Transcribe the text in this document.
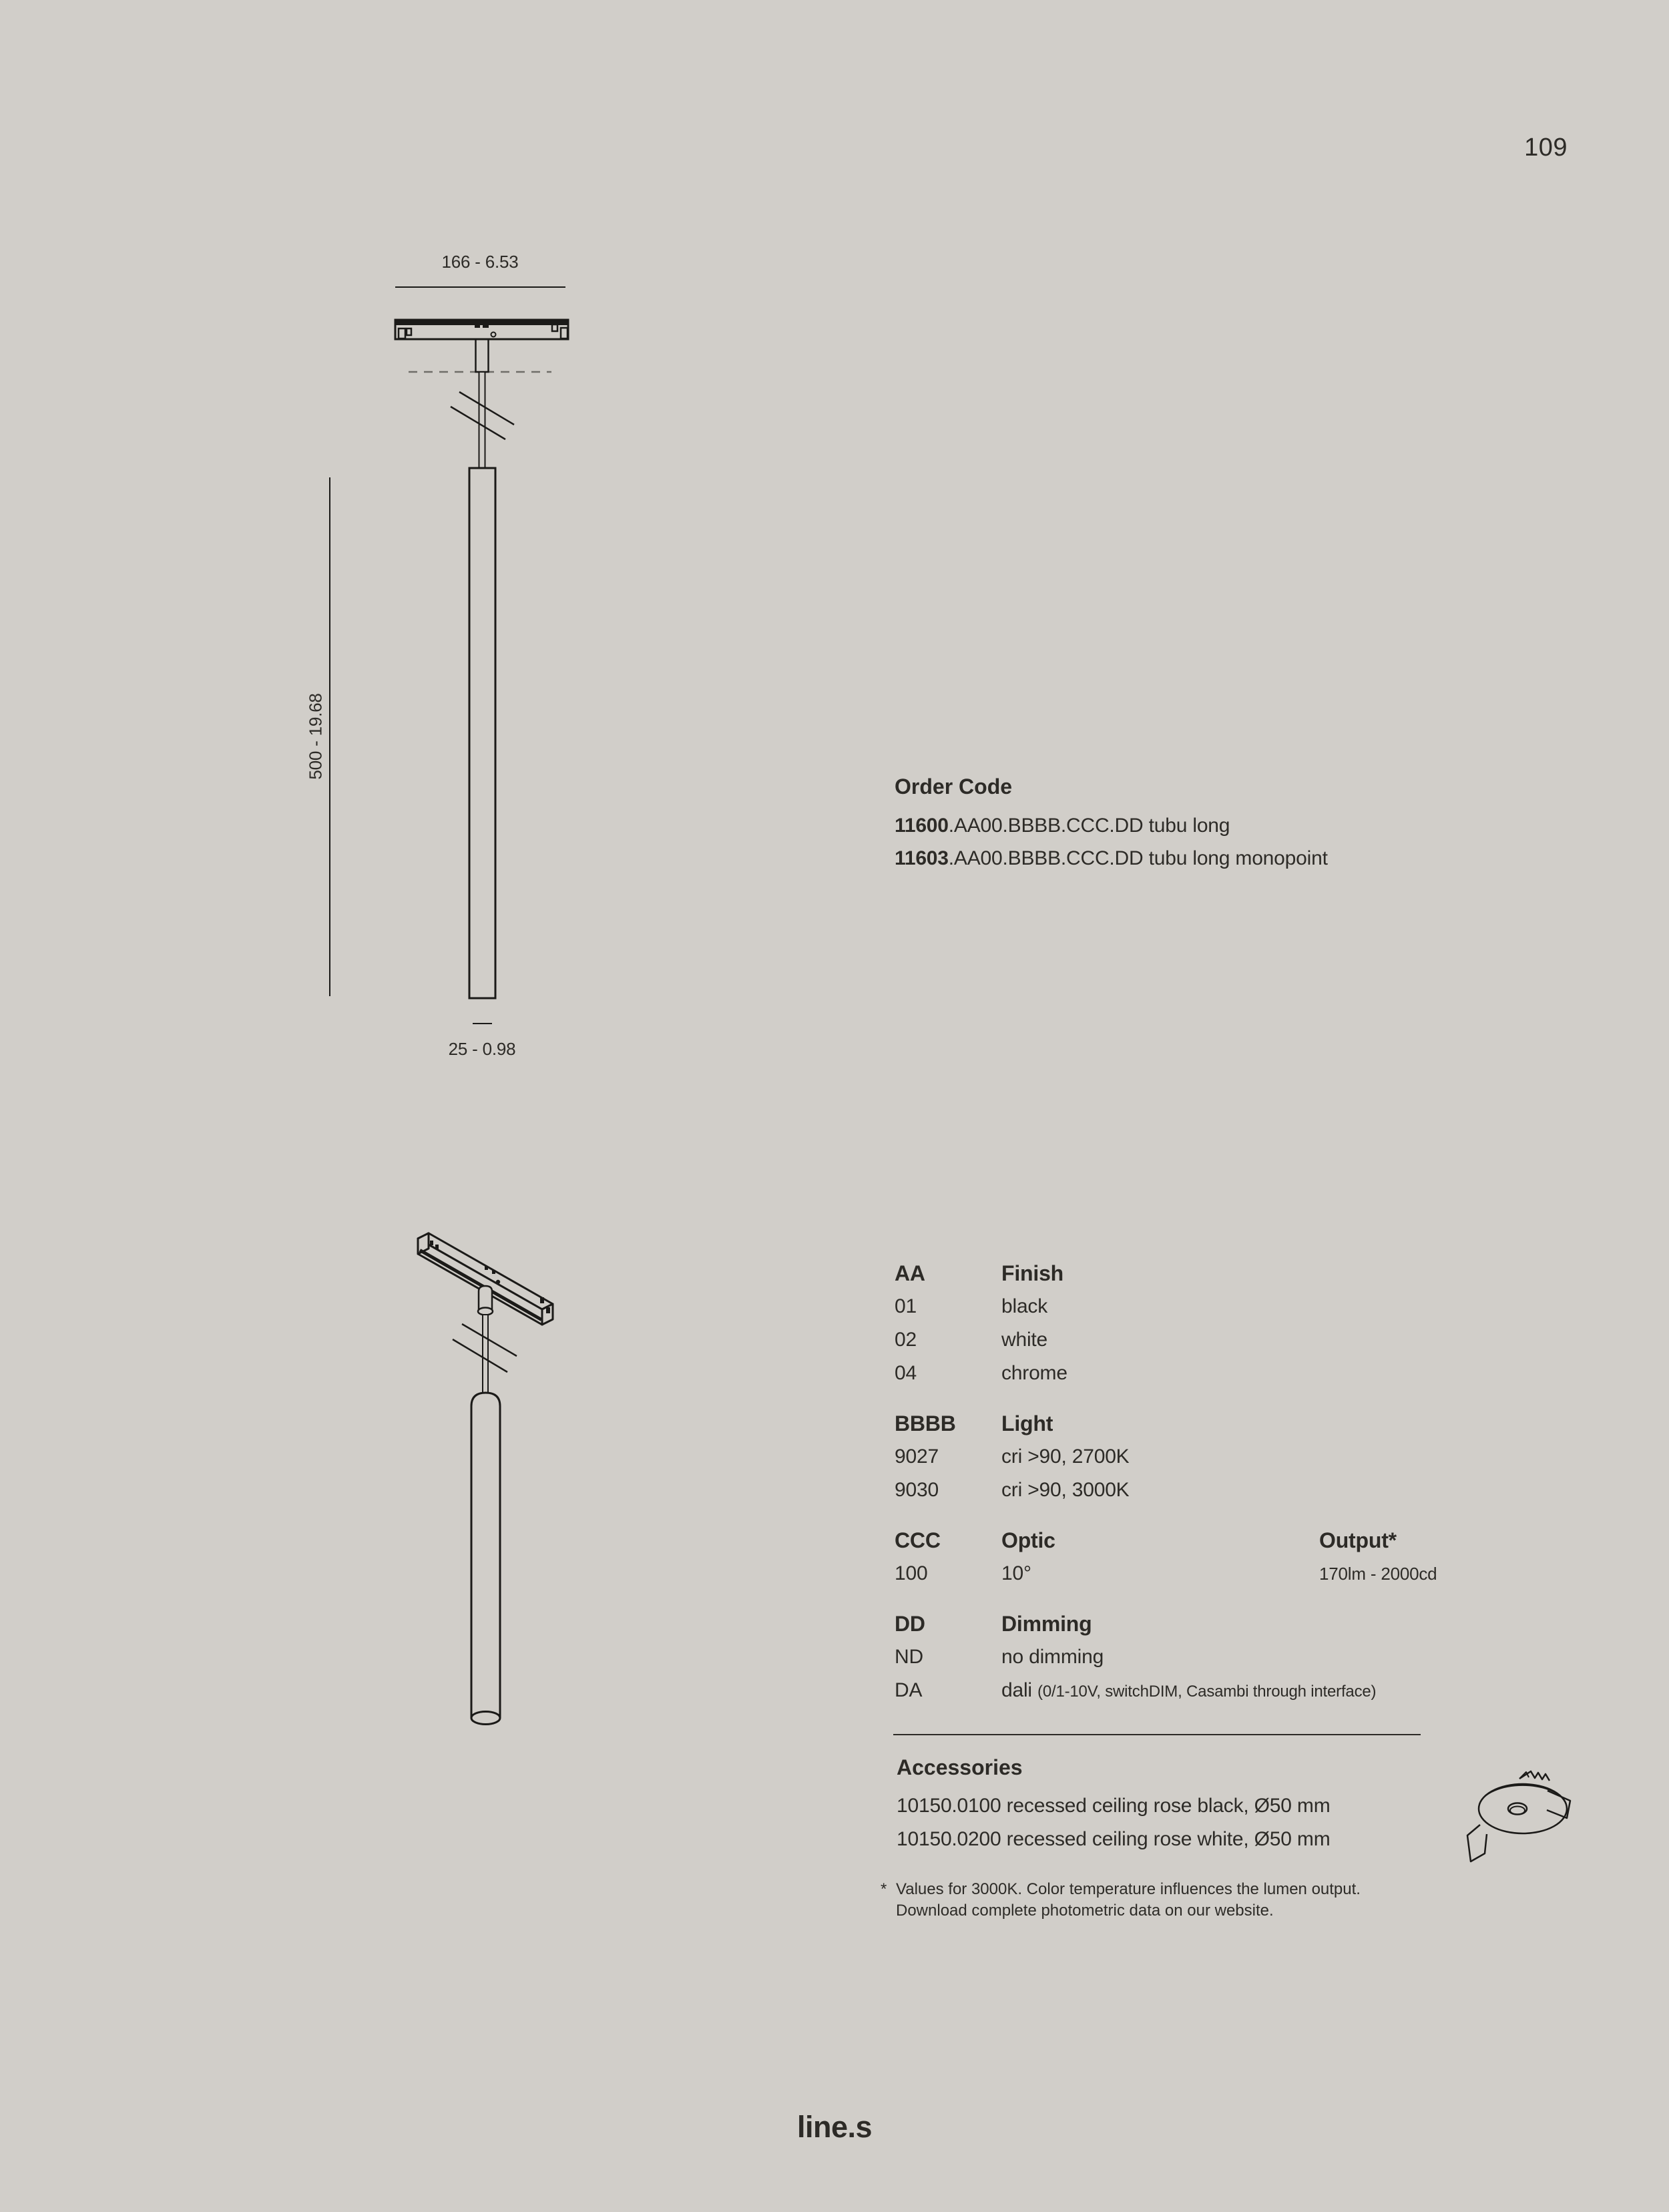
109
166 - 6.53
500 - 19.68
25 - 0.98
Order Code
11600.AA00.BBBB.CCC.DD tubu long
11603.AA00.BBBB.CCC.DD tubu long monopoint
AA	Finish
01	black
02	white
04	chrome
BBBB	Light
9027	cri >90, 2700K
9030	cri >90, 3000K
CCC	Optic	Output*
100	10°	170lm - 2000cd
DD	Dimming
ND	no dimming
DA	dali (0/1-10V, switchDIM, Casambi through interface)
Accessories
10150.0100 recessed ceiling rose black, Ø50 mm
10150.0200 recessed ceiling rose white, Ø50 mm
* Values for 3000K. Color temperature influences the lumen output.
Download complete photometric data on our website.
line.s
